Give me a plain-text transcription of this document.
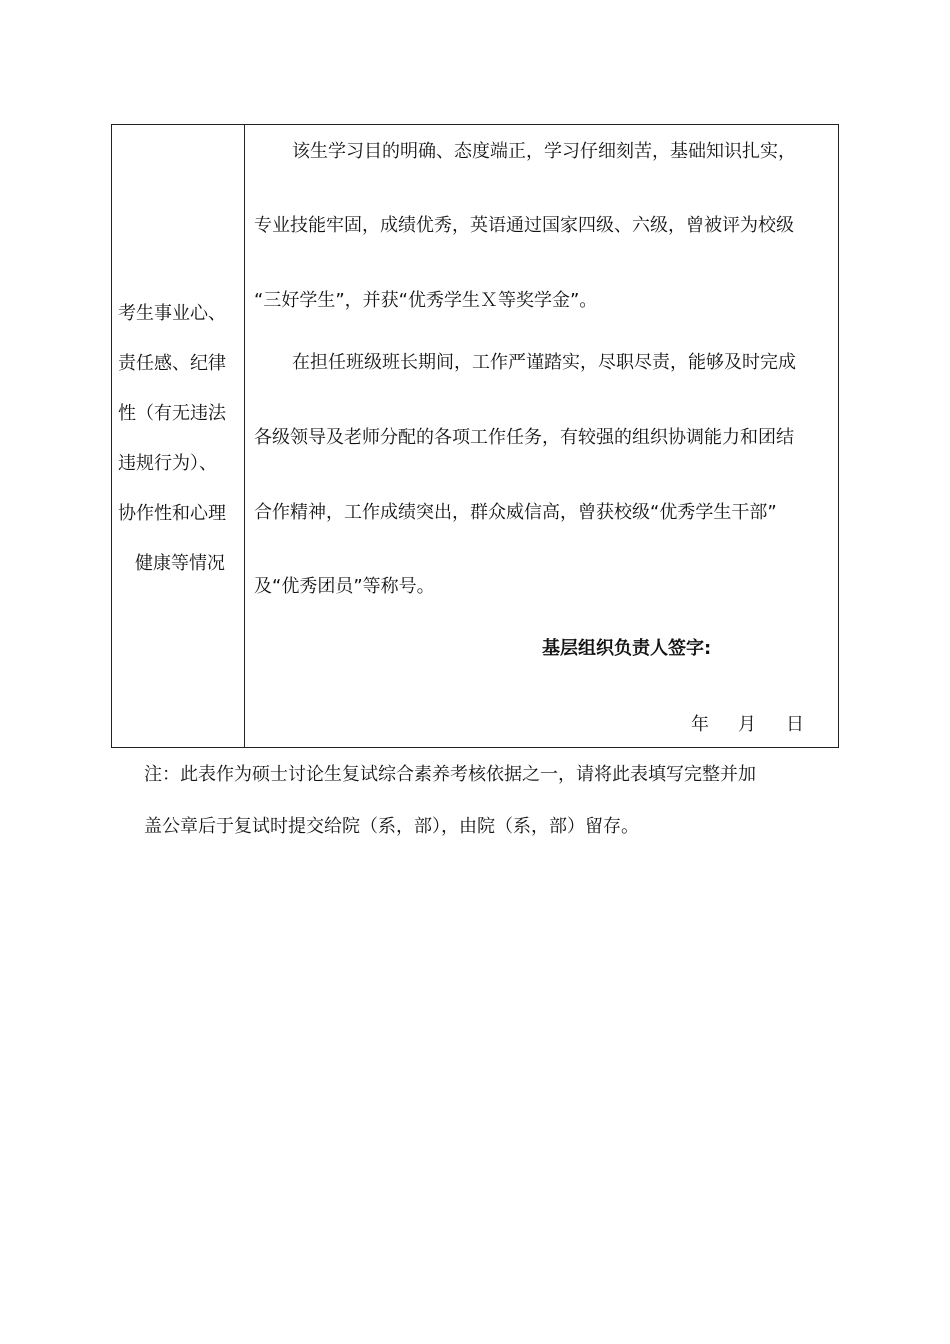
考生事业心、
责任感、纪律
性（有无违法
违规行为）、
协作性和心理
健康等情况
该生学习目的明确、态度端正，学习仔细刻苦，基础知识扎实，
专业技能牢固，成绩优秀，英语通过国家四级、六级，曾被评为校级
“三好学生”，并获“优秀学生Ｘ等奖学金”。
在担任班级班长期间，工作严谨踏实，尽职尽责，能够及时完成
各级领导及老师分配的各项工作任务，有较强的组织协调能力和团结
合作精神，工作成绩突出，群众威信高，曾获校级“优秀学生干部”
及“优秀团员”等称号。
基层组织负责人签字:
年 月 日
注：此表作为硕士讨论生复试综合素养考核依据之一，请将此表填写完整并加
盖公章后于复试时提交给院（系，部），由院（系，部）留存。
